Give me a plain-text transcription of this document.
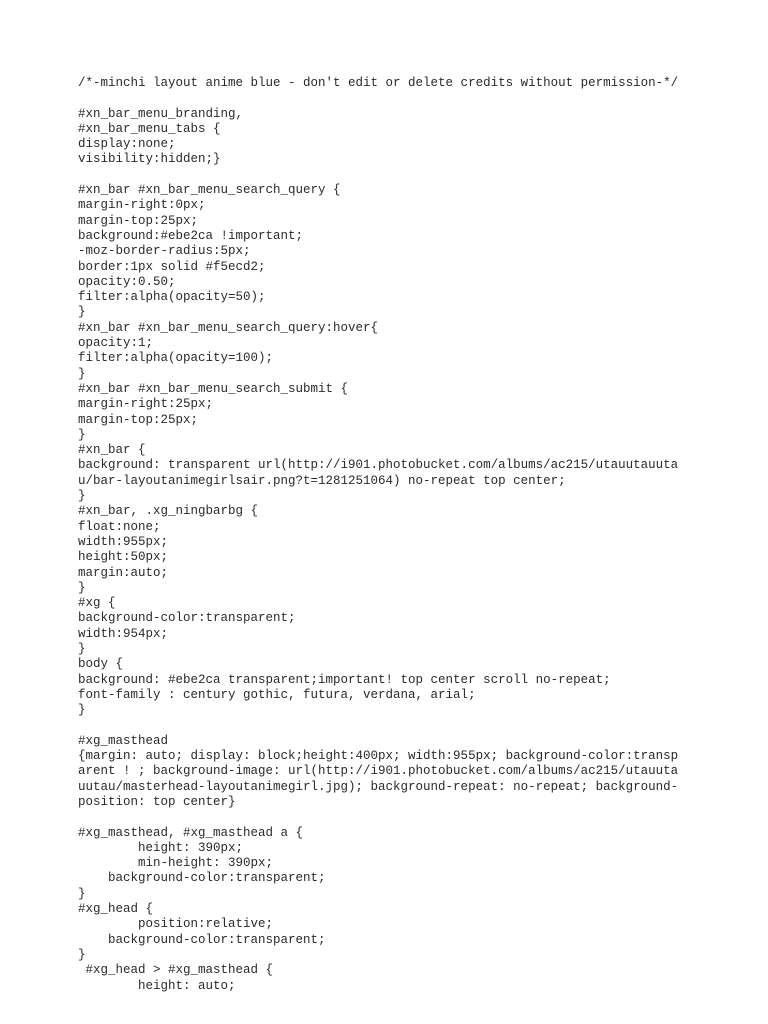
/*-minchi layout anime blue - don't edit or delete credits without permission-*/
#xn_bar_menu_branding,
#xn_bar_menu_tabs {
display:none;
visibility:hidden;}
#xn_bar #xn_bar_menu_search_query {
margin-right:0px;
margin-top:25px;
background:#ebe2ca !important;
-moz-border-radius:5px;
border:1px solid #f5ecd2;
opacity:0.50;
filter:alpha(opacity=50);
}
#xn_bar #xn_bar_menu_search_query:hover{
opacity:1;
filter:alpha(opacity=100);
}
#xn_bar #xn_bar_menu_search_submit {
margin-right:25px;
margin-top:25px;
}
#xn_bar {
background: transparent url(http://i901.photobucket.com/albums/ac215/utauutauuta
u/bar-layoutanimegirlsair.png?t=1281251064) no-repeat top center;
}
#xn_bar, .xg_ningbarbg {
float:none;
width:955px;
height:50px;
margin:auto;
}
#xg {
background-color:transparent;
width:954px;
}
body {
background: #ebe2ca transparent;important! top center scroll no-repeat;
font-family : century gothic, futura, verdana, arial;
}
#xg_masthead
{margin: auto; display: block;height:400px; width:955px; background-color:transp
arent ! ; background-image: url(http://i901.photobucket.com/albums/ac215/utauuta
uutau/masterhead-layoutanimegirl.jpg); background-repeat: no-repeat; background-
position: top center}
#xg_masthead, #xg_masthead a {
height: 390px;
min-height: 390px;
background-color:transparent;
}
#xg_head {
position:relative;
background-color:transparent;
}
#xg_head > #xg_masthead {
height: auto;
